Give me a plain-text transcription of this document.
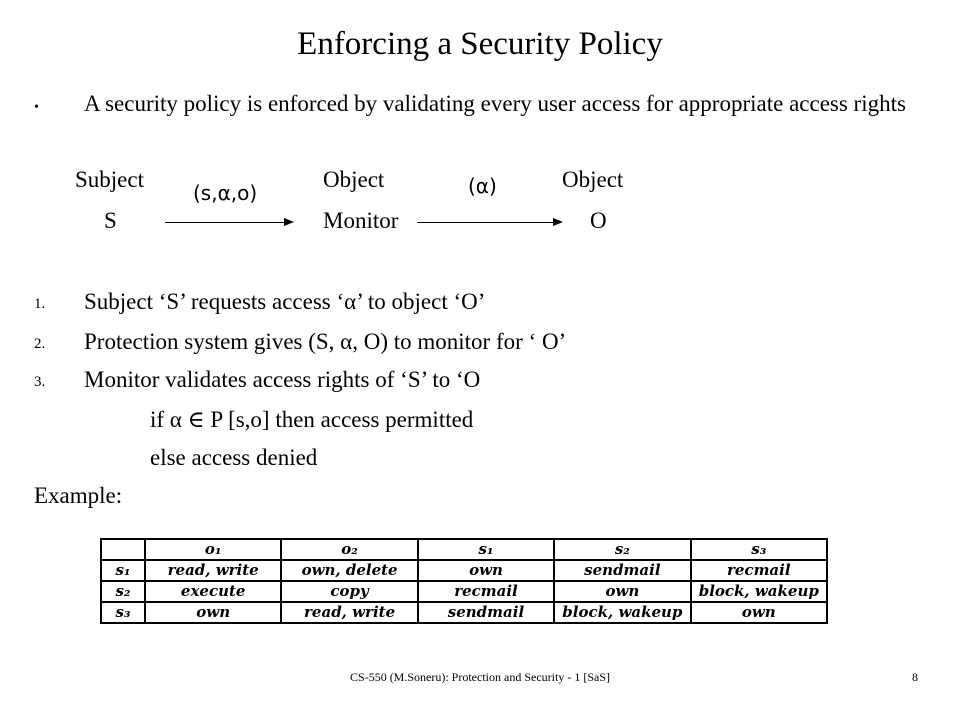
Enforcing a Security Policy
• A security policy is enforced by validating every user access for appropriate access rights
Subject
S
(s,α,o)
Object
Monitor
(α)	Object
O
1. Subject ‘S’ requests access ‘α’ to object ‘O’
2. Protection system gives (S, α, O) to monitor for ‘ O’
3. Monitor validates access rights of ‘S’ to ‘O
if α ∈ P [s,o] then access permitted
else access denied
Example:
	o₁	o₂	s₁	s₂	s₃
s₁	read, write	own, delete	own	sendmail	recmail
s₂	execute	copy	recmail	own	block, wakeup
s₃	own	read, write	sendmail	block, wakeup	own
CS-550 (M.Soneru): Protection and Security - 1 [SaS]	8
